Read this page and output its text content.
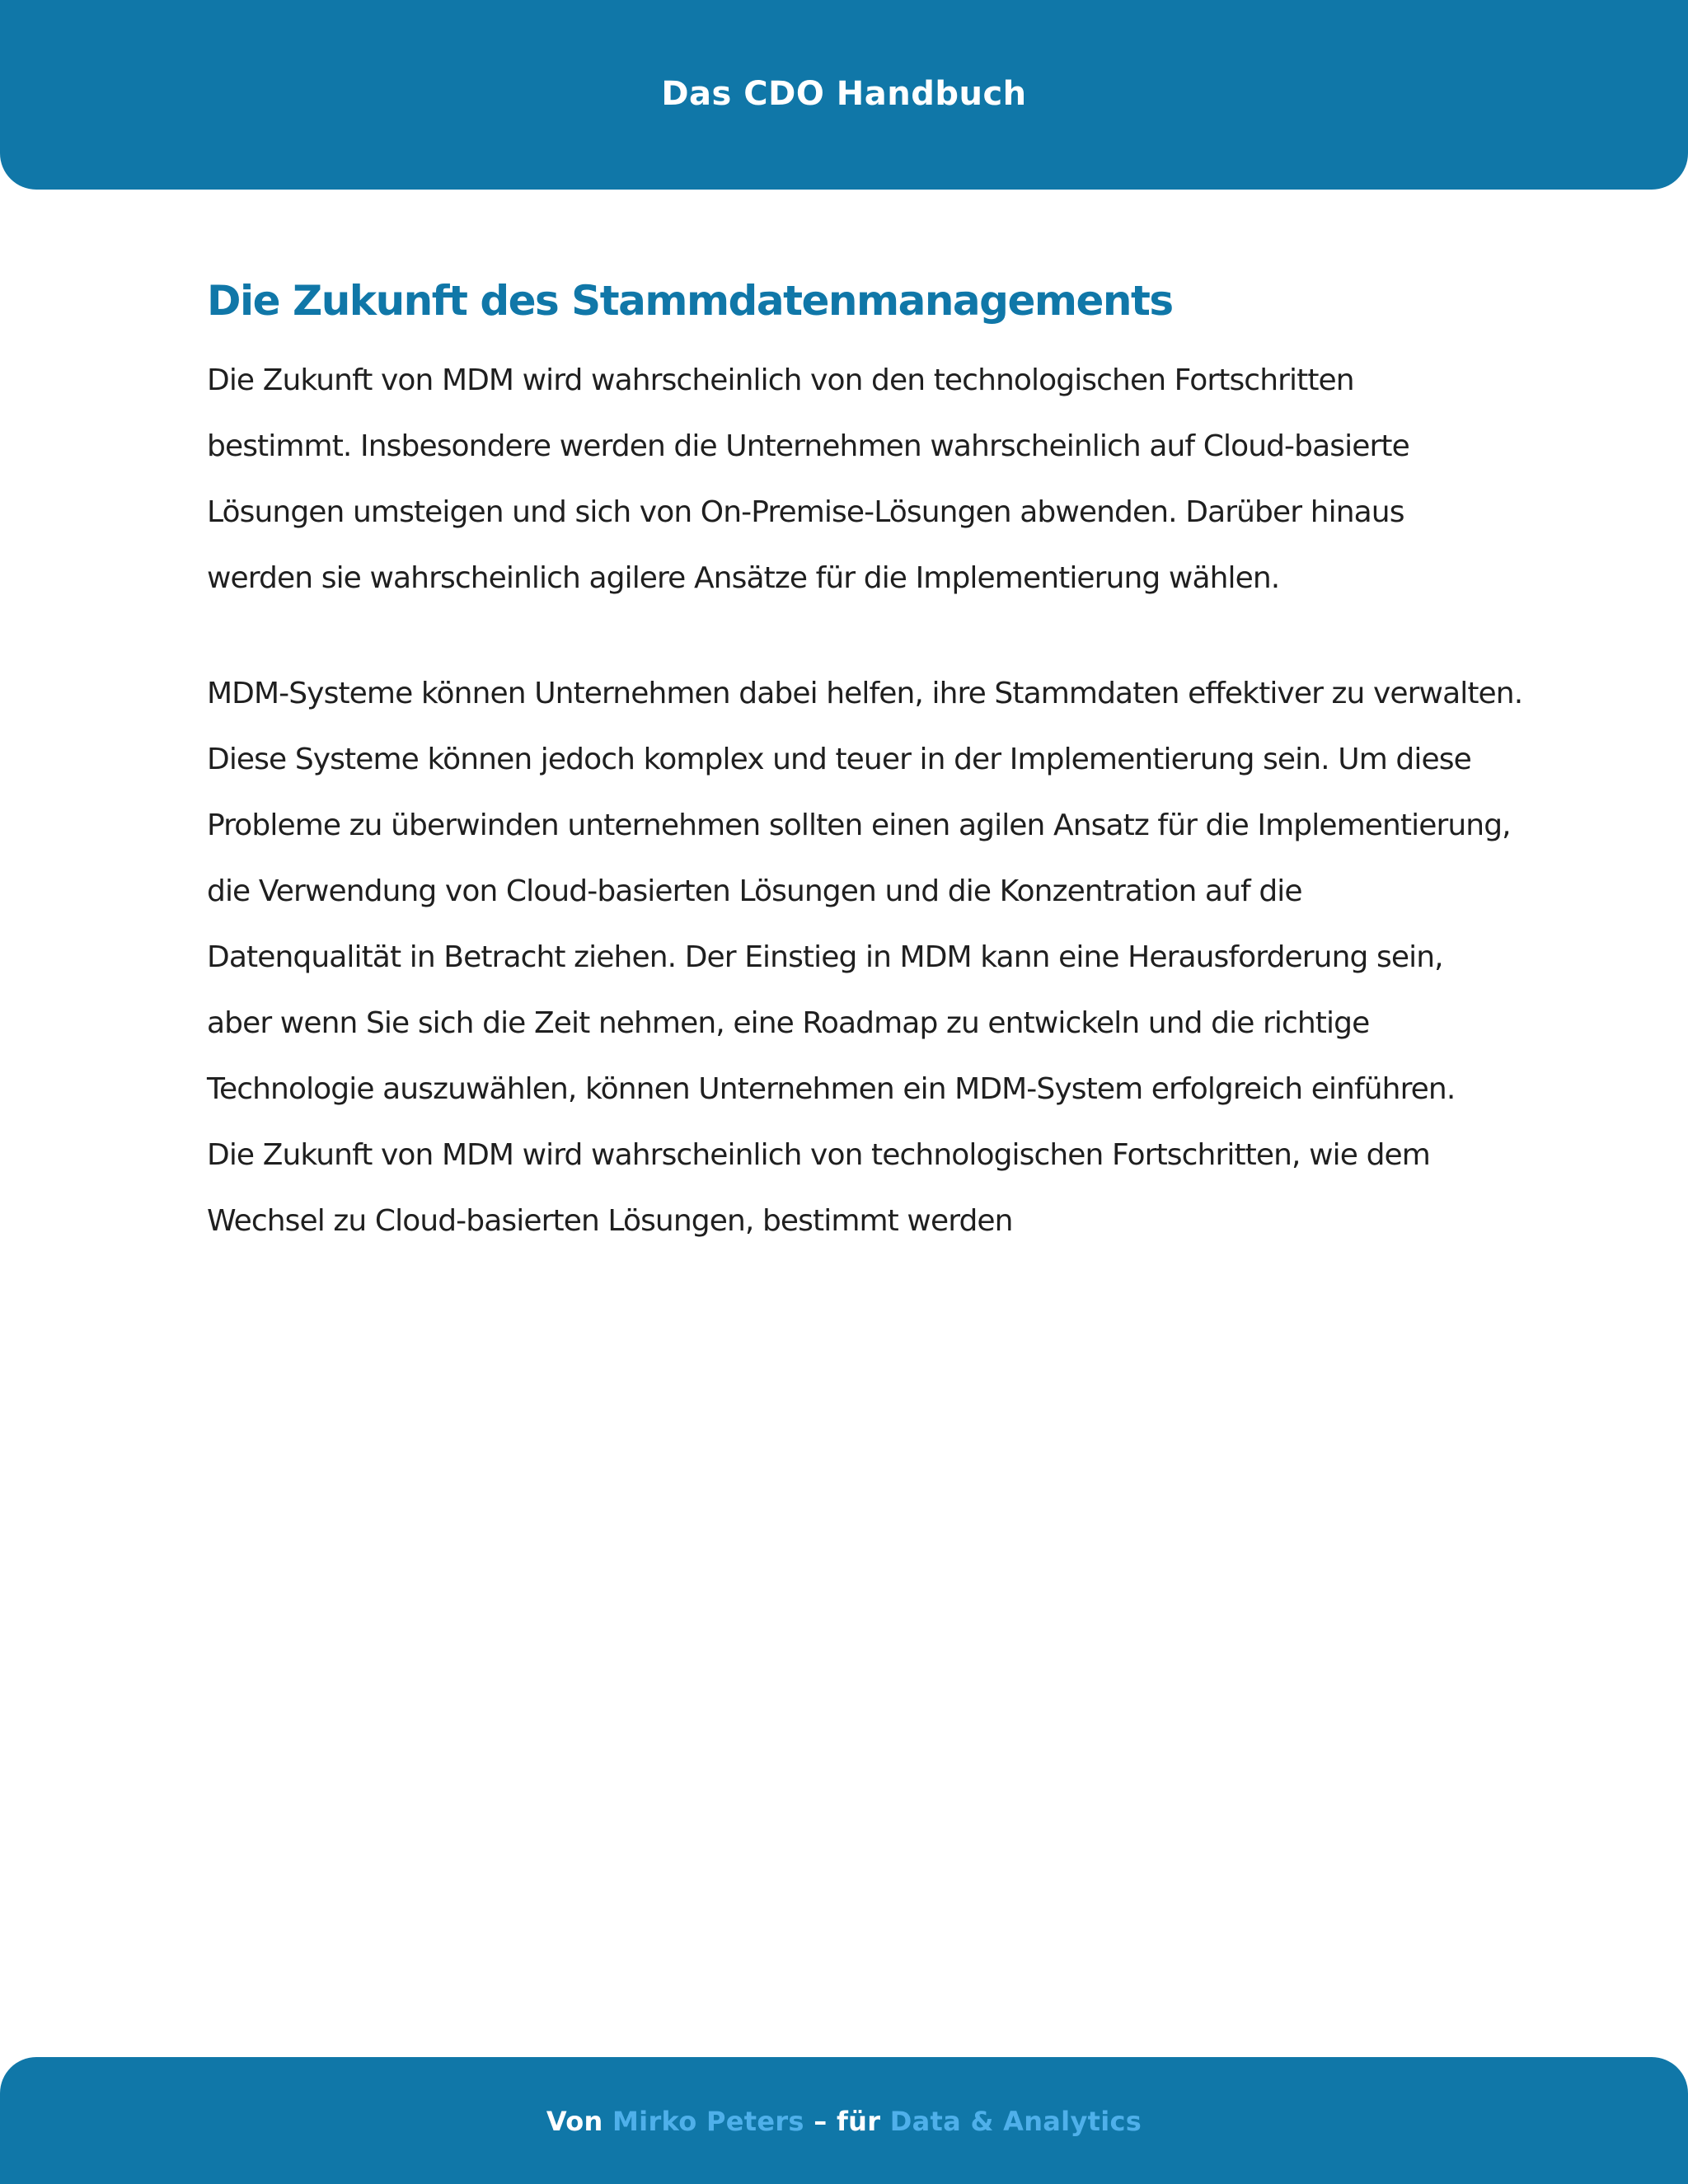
Das CDO Handbuch
Die Zukunft des Stammdatenmanagements

Die Zukunft von MDM wird wahrscheinlich von den technologischen Fortschritten
bestimmt. Insbesondere werden die Unternehmen wahrscheinlich auf Cloud-basierte
Lösungen umsteigen und sich von On-Premise-Lösungen abwenden. Darüber hinaus
werden sie wahrscheinlich agilere Ansätze für die Implementierung wählen.

MDM-Systeme können Unternehmen dabei helfen, ihre Stammdaten effektiver zu verwalten.
Diese Systeme können jedoch komplex und teuer in der Implementierung sein. Um diese
Probleme zu überwinden unternehmen sollten einen agilen Ansatz für die Implementierung,
die Verwendung von Cloud-basierten Lösungen und die Konzentration auf die
Datenqualität in Betracht ziehen. Der Einstieg in MDM kann eine Herausforderung sein,
aber wenn Sie sich die Zeit nehmen, eine Roadmap zu entwickeln und die richtige
Technologie auszuwählen, können Unternehmen ein MDM-System erfolgreich einführen.
Die Zukunft von MDM wird wahrscheinlich von technologischen Fortschritten, wie dem
Wechsel zu Cloud-basierten Lösungen, bestimmt werden

Von Mirko Peters – für Data & Analytics
